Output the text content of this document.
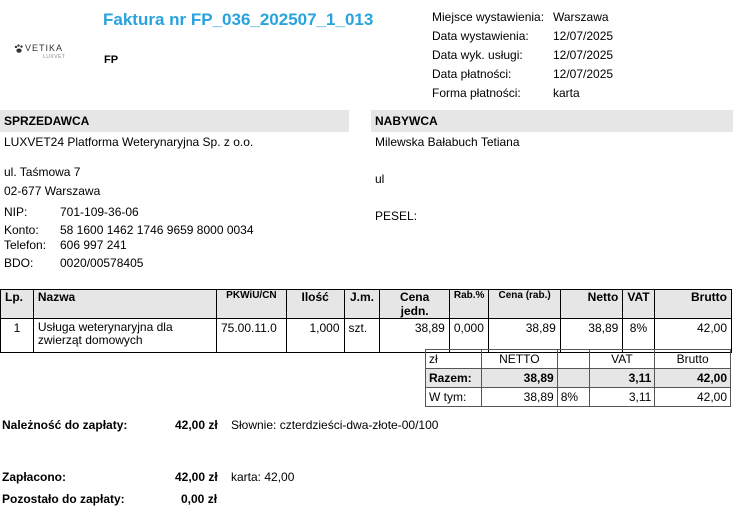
VETIKA
LUXVET
Faktura nr FP_036_202507_1_013
FP
Miejsce wystawienia: Warszawa
Data wystawienia:	12/07/2025
Data wyk. usługi:	12/07/2025
Data płatności:	12/07/2025
Forma płatności:	karta
SPRZEDAWCA
LUXVET24 Platforma Weterynaryjna Sp. z o.o.
ul. Taśmowa 7
02-677 Warszawa
NIP:	701-109-36-06
Konto: 58 1600 1462 1746 9659 8000 0034
Telefon: 606 997 241
BDO: 0020/00578405
NABYWCA
Milewska Bałabuch Tetiana
ul
PESEL:
Lp.	Nazwa	PKWiU/CN	Ilość	J.m.	Cena jedn.	Rab.%	Cena (rab.)	Netto	VAT	Brutto
1	Usługa weterynaryjna dla zwierząt domowych	75.00.11.0	1,000	szt.	38,89	0,000	38,89	38,89	8%	42,00
zł	NETTO		VAT	Brutto
Razem:	38,89		3,11	42,00
W tym:	38,89	8%	3,11	42,00
Należność do zapłaty:	42,00 zł Słownie: czterdzieści-dwa-złote-00/100
Zapłacono:	42,00 zł karta: 42,00
Pozostało do zapłaty:	0,00 zł
